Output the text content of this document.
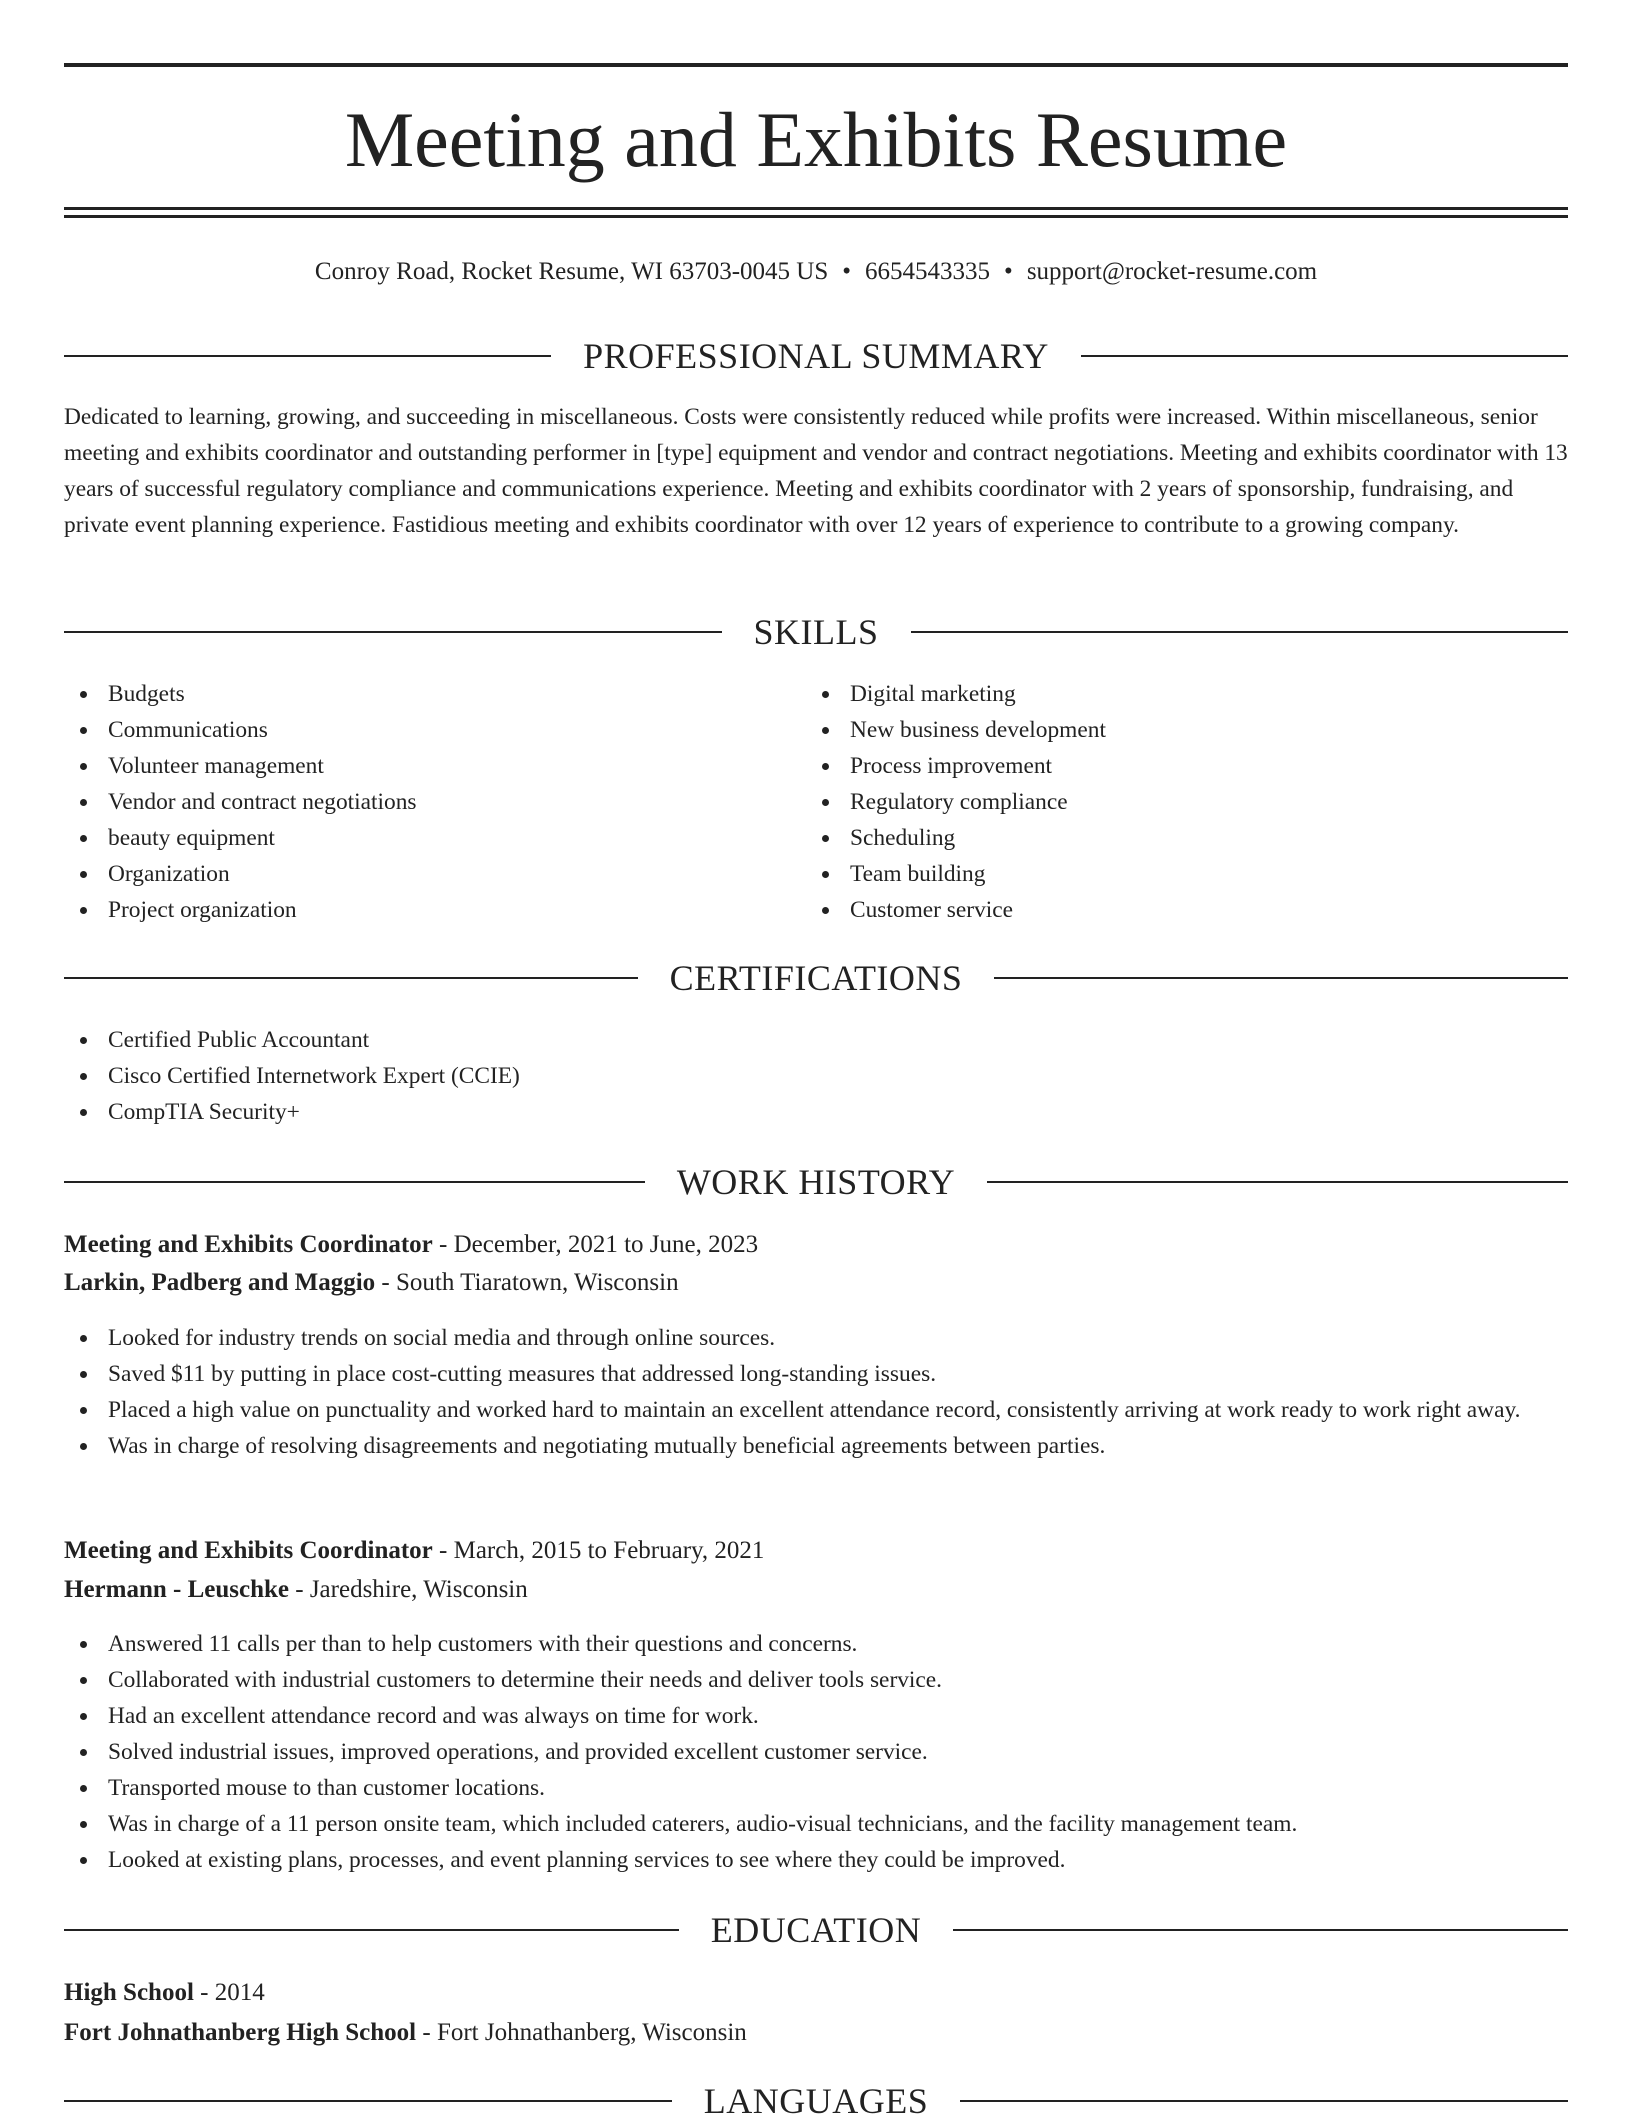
Meeting and Exhibits Resume
Conroy Road, Rocket Resume, WI 63703-0045 US • 6654543335 • support@rocket-resume.com
PROFESSIONAL SUMMARY

Dedicated to learning, growing, and succeeding in miscellaneous. Costs were consistently reduced while profits were increased. Within miscellaneous, senior meeting and exhibits coordinator and outstanding performer in [type] equipment and vendor and contract negotiations. Meeting and exhibits coordinator with 13 years of successful regulatory compliance and communications experience. Meeting and exhibits coordinator with 2 years of sponsorship, fundraising, and private event planning experience. Fastidious meeting and exhibits coordinator with over 12 years of experience to contribute to a growing company.

SKILLS
Budgets
Communications
Volunteer management
Vendor and contract negotiations
beauty equipment
Organization
Project organization
Digital marketing
New business development
Process improvement
Regulatory compliance
Scheduling
Team building
Customer service
CERTIFICATIONS
Certified Public Accountant
Cisco Certified Internetwork Expert (CCIE)
CompTIA Security+
WORK HISTORY
Meeting and Exhibits Coordinator - December, 2021 to June, 2023
Larkin, Padberg and Maggio - South Tiaratown, Wisconsin
Looked for industry trends on social media and through online sources.
Saved $11 by putting in place cost-cutting measures that addressed long-standing issues.
Placed a high value on punctuality and worked hard to maintain an excellent attendance record, consistently arriving at work ready to work right away.
Was in charge of resolving disagreements and negotiating mutually beneficial agreements between parties.
Meeting and Exhibits Coordinator - March, 2015 to February, 2021
Hermann - Leuschke - Jaredshire, Wisconsin
Answered 11 calls per than to help customers with their questions and concerns.
Collaborated with industrial customers to determine their needs and deliver tools service.
Had an excellent attendance record and was always on time for work.
Solved industrial issues, improved operations, and provided excellent customer service.
Transported mouse to than customer locations.
Was in charge of a 11 person onsite team, which included caterers, audio-visual technicians, and the facility management team.
Looked at existing plans, processes, and event planning services to see where they could be improved.
EDUCATION
High School - 2014
Fort Johnathanberg High School - Fort Johnathanberg, Wisconsin
LANGUAGES
